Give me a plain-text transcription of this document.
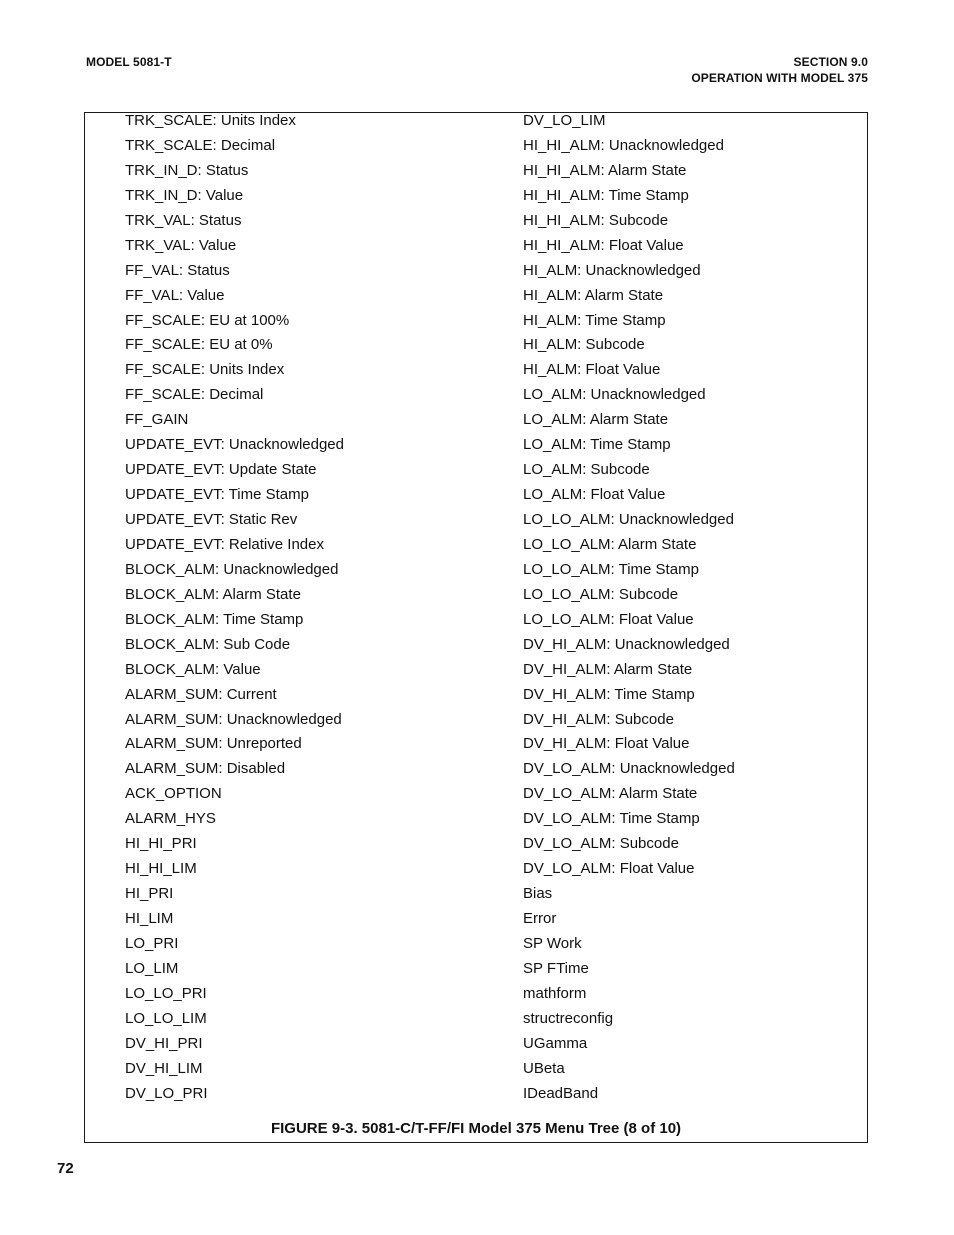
MODEL 5081-T	SECTION 9.0
OPERATION WITH MODEL 375
TRK_SCALE: Units Index
TRK_SCALE: Decimal
TRK_IN_D: Status
TRK_IN_D: Value
TRK_VAL: Status
TRK_VAL: Value
FF_VAL: Status
FF_VAL: Value
FF_SCALE: EU at 100%
FF_SCALE: EU at 0%
FF_SCALE: Units Index
FF_SCALE: Decimal
FF_GAIN
UPDATE_EVT: Unacknowledged
UPDATE_EVT: Update State
UPDATE_EVT: Time Stamp
UPDATE_EVT: Static Rev
UPDATE_EVT: Relative Index
BLOCK_ALM: Unacknowledged
BLOCK_ALM: Alarm State
BLOCK_ALM: Time Stamp
BLOCK_ALM: Sub Code
BLOCK_ALM: Value
ALARM_SUM: Current
ALARM_SUM: Unacknowledged
ALARM_SUM: Unreported
ALARM_SUM: Disabled
ACK_OPTION
ALARM_HYS
HI_HI_PRI
HI_HI_LIM
HI_PRI
HI_LIM
LO_PRI
LO_LIM
LO_LO_PRI
LO_LO_LIM
DV_HI_PRI
DV_HI_LIM
DV_LO_PRI
DV_LO_LIM
HI_HI_ALM: Unacknowledged
HI_HI_ALM: Alarm State
HI_HI_ALM: Time Stamp
HI_HI_ALM: Subcode
HI_HI_ALM: Float Value
HI_ALM: Unacknowledged
HI_ALM: Alarm State
HI_ALM: Time Stamp
HI_ALM: Subcode
HI_ALM: Float Value
LO_ALM: Unacknowledged
LO_ALM: Alarm State
LO_ALM: Time Stamp
LO_ALM: Subcode
LO_ALM: Float Value
LO_LO_ALM: Unacknowledged
LO_LO_ALM: Alarm State
LO_LO_ALM: Time Stamp
LO_LO_ALM: Subcode
LO_LO_ALM: Float Value
DV_HI_ALM: Unacknowledged
DV_HI_ALM: Alarm State
DV_HI_ALM: Time Stamp
DV_HI_ALM: Subcode
DV_HI_ALM: Float Value
DV_LO_ALM: Unacknowledged
DV_LO_ALM: Alarm State
DV_LO_ALM: Time Stamp
DV_LO_ALM: Subcode
DV_LO_ALM: Float Value
Bias
Error
SP Work
SP FTime
mathform
structreconfig
UGamma
UBeta
IDeadBand
FIGURE 9-3. 5081-C/T-FF/FI Model 375 Menu Tree (8 of 10)
72
